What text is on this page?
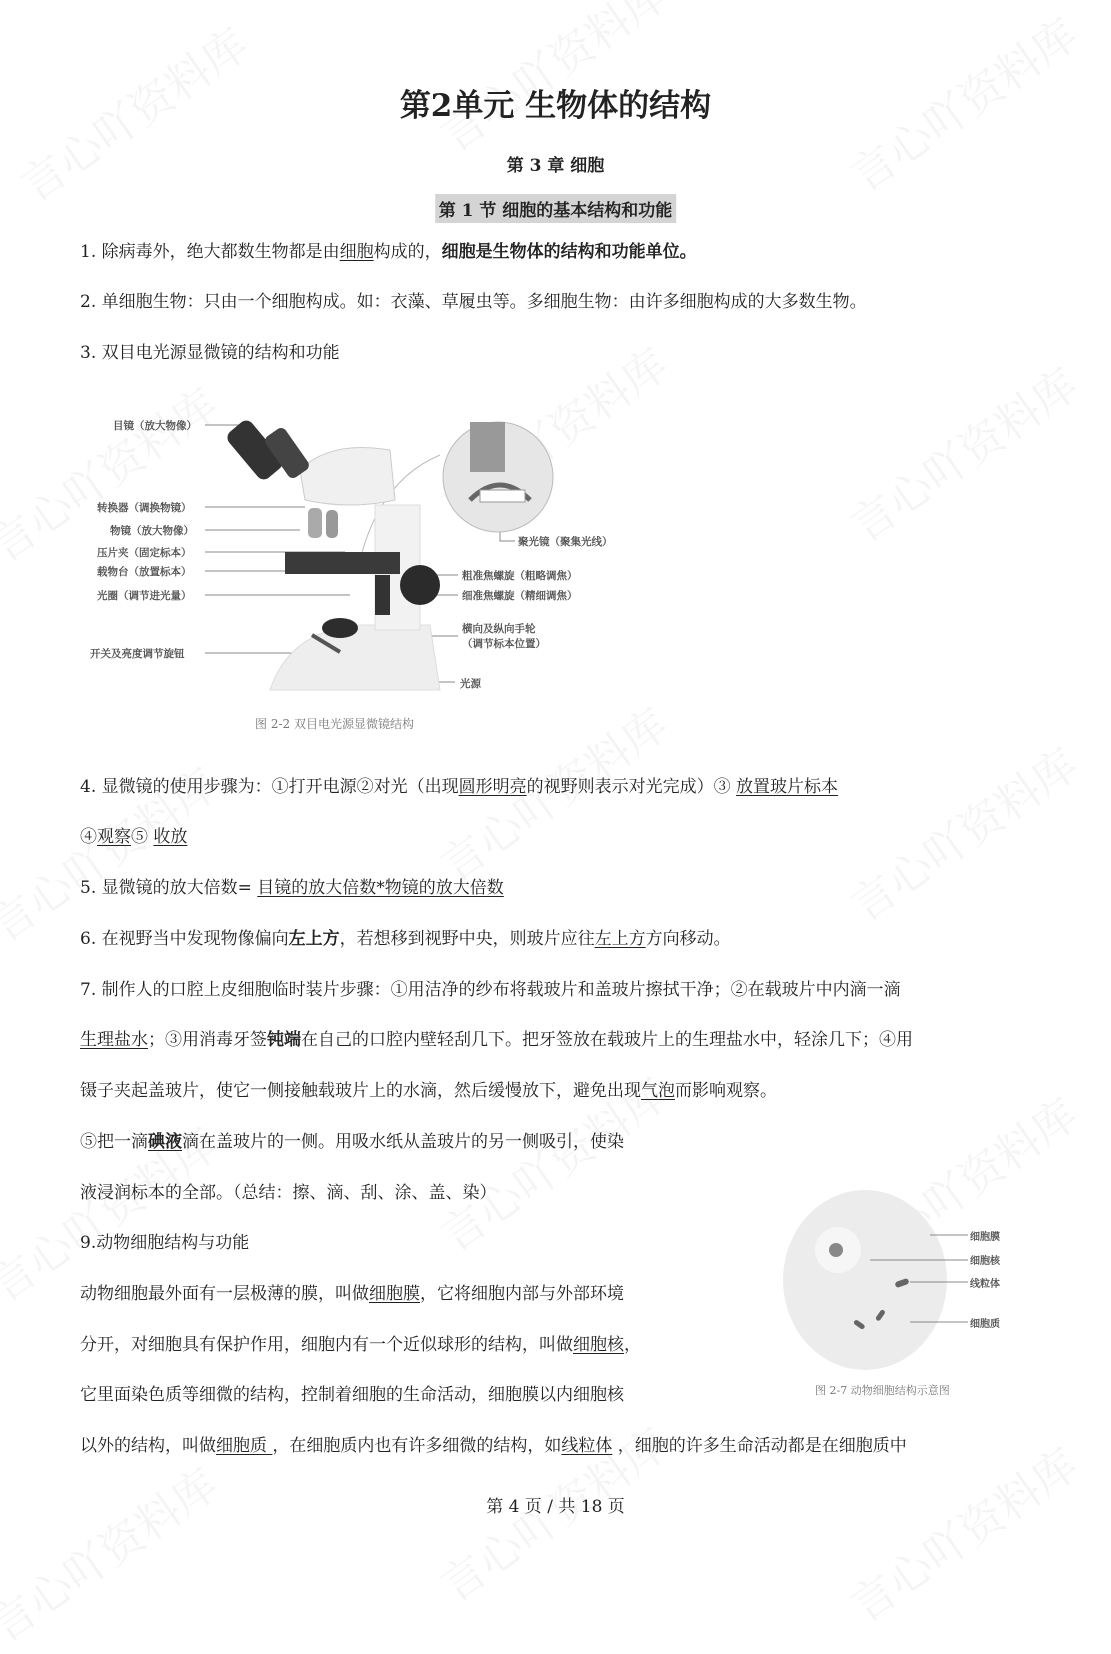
第2单元 生物体的结构
第 3 章 细胞
第 1 节 细胞的基本结构和功能
1. 除病毒外，绝大都数生物都是由细胞构成的，细胞是生物体的结构和功能单位。
2. 单细胞生物：只由一个细胞构成。如：衣藻、草履虫等。多细胞生物：由许多细胞构成的大多数生物。
3. 双目电光源显微镜的结构和功能
4. 显微镜的使用步骤为：①打开电源②对光（出现圆形明亮的视野则表示对光完成）③ 放置玻片标本
④观察⑤ 收放
5. 显微镜的放大倍数= 目镜的放大倍数*物镜的放大倍数
6. 在视野当中发现物像偏向左上方，若想移到视野中央，则玻片应往左上方方向移动。
7. 制作人的口腔上皮细胞临时装片步骤：①用洁净的纱布将载玻片和盖玻片擦拭干净；②在载玻片中内滴一滴
生理盐水；③用消毒牙签钝端在自己的口腔内壁轻刮几下。把牙签放在载玻片上的生理盐水中，轻涂几下；④用
镊子夹起盖玻片，使它一侧接触载玻片上的水滴，然后缓慢放下，避免出现气泡而影响观察。
⑤把一滴碘液滴在盖玻片的一侧。用吸水纸从盖玻片的另一侧吸引，使染
液浸润标本的全部。（总结：擦、滴、刮、涂、盖、染）
9.动物细胞结构与功能
动物细胞最外面有一层极薄的膜，叫做细胞膜，它将细胞内部与外部环境
分开，对细胞具有保护作用，细胞内有一个近似球形的结构，叫做细胞核，
它里面染色质等细微的结构，控制着细胞的生命活动，细胞膜以内细胞核
以外的结构，叫做细胞质 ，在细胞质内也有许多细微的结构，如线粒体 ，细胞的许多生命活动都是在细胞质中
目镜（放大物像）
转换器（调换物镜）
物镜（放大物像）
压片夹（固定标本）
载物台（放置标本）
光圈（调节进光量）
开关及亮度调节旋钮
聚光镜（聚集光线）
粗准焦螺旋（粗略调焦）
细准焦螺旋（精细调焦）
横向及纵向手轮
（调节标本位置）
光源
图 2-2 双目电光源显微镜结构
细胞膜
细胞核
线粒体
细胞质
图 2-7 动物细胞结构示意图
第 4 页 / 共 18 页
